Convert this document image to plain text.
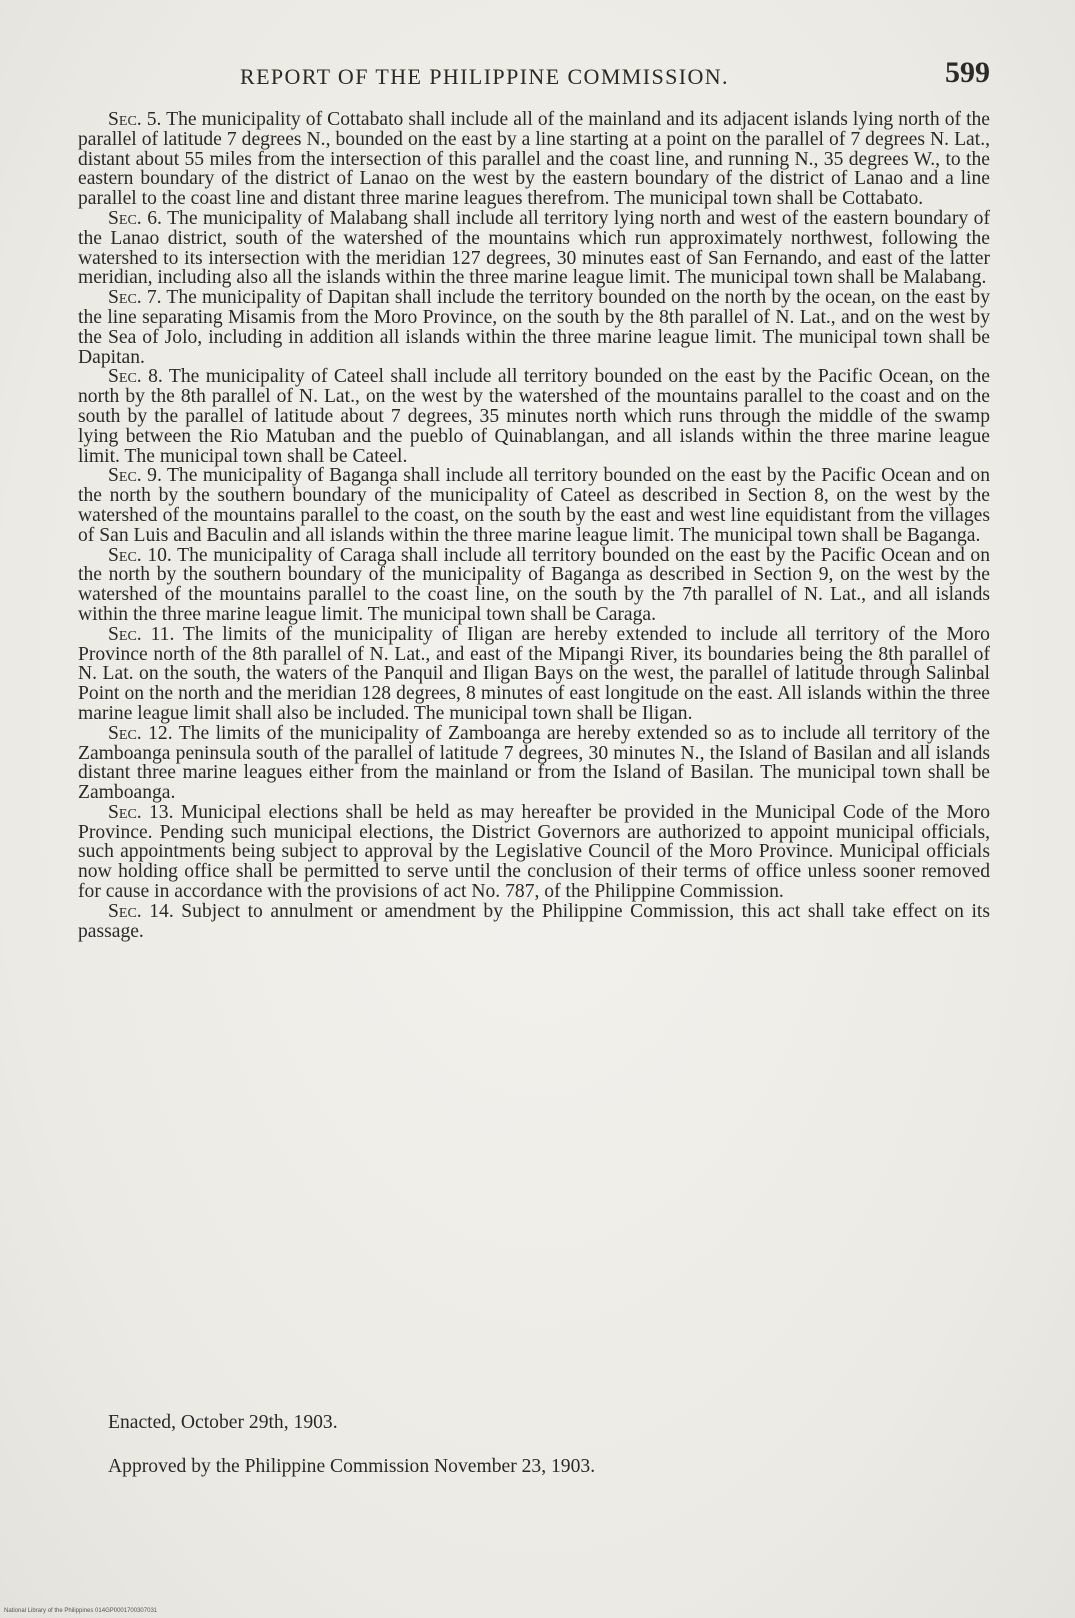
REPORT OF THE PHILIPPINE COMMISSION.	599

Sec. 5. The municipality of Cottabato shall include all of the mainland and its adjacent islands lying north of the parallel of latitude 7 degrees N., bounded on the east by a line starting at a point on the parallel of 7 degrees N. Lat., distant about 55 miles from the intersection of this parallel and the coast line, and running N., 35 degrees W., to the eastern boundary of the district of Lanao on the west by the eastern boundary of the district of Lanao and a line parallel to the coast line and distant three marine leagues therefrom. The municipal town shall be Cottabato.

Sec. 6. The municipality of Malabang shall include all territory lying north and west of the eastern boundary of the Lanao district, south of the watershed of the mountains which run approximately northwest, following the watershed to its intersection with the meridian 127 degrees, 30 minutes east of San Fernando, and east of the latter meridian, including also all the islands within the three marine league limit. The municipal town shall be Malabang.

Sec. 7. The municipality of Dapitan shall include the territory bounded on the north by the ocean, on the east by the line separating Misamis from the Moro Province, on the south by the 8th parallel of N. Lat., and on the west by the Sea of Jolo, including in addition all islands within the three marine league limit. The municipal town shall be Dapitan.

Sec. 8. The municipality of Cateel shall include all territory bounded on the east by the Pacific Ocean, on the north by the 8th parallel of N. Lat., on the west by the watershed of the mountains parallel to the coast and on the south by the parallel of latitude about 7 degrees, 35 minutes north which runs through the middle of the swamp lying between the Rio Matuban and the pueblo of Quinablangan, and all islands within the three marine league limit. The municipal town shall be Cateel.

Sec. 9. The municipality of Baganga shall include all territory bounded on the east by the Pacific Ocean and on the north by the southern boundary of the municipality of Cateel as described in Section 8, on the west by the watershed of the mountains parallel to the coast, on the south by the east and west line equidistant from the villages of San Luis and Baculin and all islands within the three marine league limit. The municipal town shall be Baganga.

Sec. 10. The municipality of Caraga shall include all territory bounded on the east by the Pacific Ocean and on the north by the southern boundary of the municipality of Baganga as described in Section 9, on the west by the watershed of the mountains parallel to the coast line, on the south by the 7th parallel of N. Lat., and all islands within the three marine league limit. The municipal town shall be Caraga.

Sec. 11. The limits of the municipality of Iligan are hereby extended to include all territory of the Moro Province north of the 8th parallel of N. Lat., and east of the Mipangi River, its boundaries being the 8th parallel of N. Lat. on the south, the waters of the Panquil and Iligan Bays on the west, the parallel of latitude through Salinbal Point on the north and the meridian 128 degrees, 8 minutes of east longitude on the east. All islands within the three marine league limit shall also be included. The municipal town shall be Iligan.

Sec. 12. The limits of the municipality of Zamboanga are hereby extended so as to include all territory of the Zamboanga peninsula south of the parallel of latitude 7 degrees, 30 minutes N., the Island of Basilan and all islands distant three marine leagues either from the mainland or from the Island of Basilan. The municipal town shall be Zamboanga.

Sec. 13. Municipal elections shall be held as may hereafter be provided in the Municipal Code of the Moro Province. Pending such municipal elections, the District Governors are authorized to appoint municipal officials, such appointments being subject to approval by the Legislative Council of the Moro Province. Municipal officials now holding office shall be permitted to serve until the conclusion of their terms of office unless sooner removed for cause in accordance with the provisions of act No. 787, of the Philippine Commission.

Sec. 14. Subject to annulment or amendment by the Philippine Commission, this act shall take effect on its passage.

Enacted, October 29th, 1903.
Approved by the Philippine Commission November 23, 1903.
National Library of the Philippines 014GP0001700307031
